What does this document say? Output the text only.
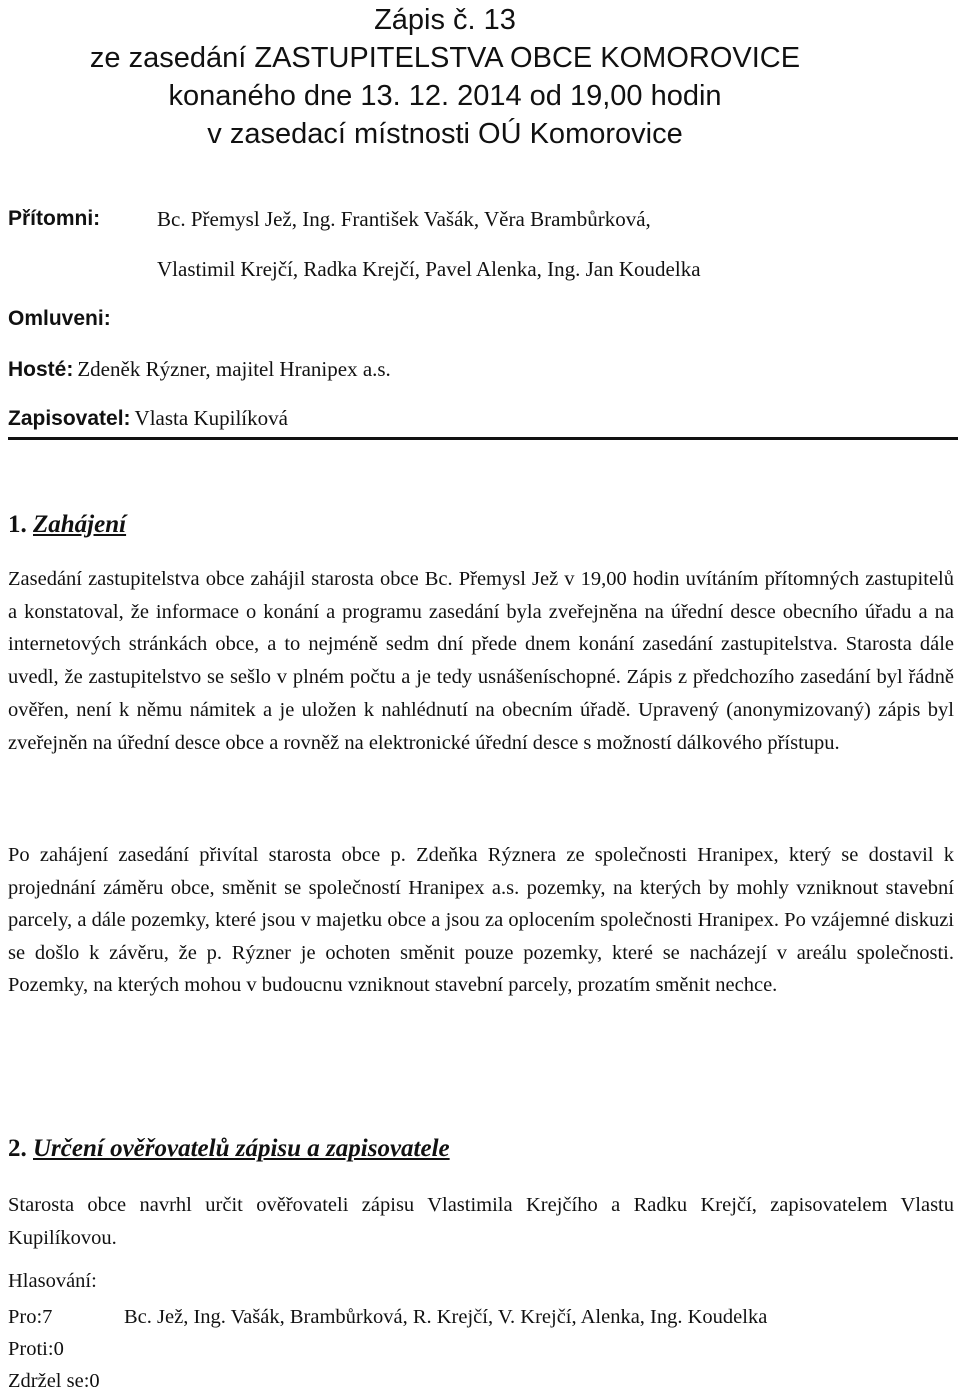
Zápis č. 13
ze zasedání ZASTUPITELSTVA OBCE KOMOROVICE
konaného dne 13. 12. 2014 od 19,00 hodin
v zasedací místnosti OÚ Komorovice
Přítomni:	Bc. Přemysl Jež, Ing. František Vašák, Věra Brambůrková,
Vlastimil Krejčí, Radka Krejčí, Pavel Alenka, Ing. Jan Koudelka
Omluveni:
Hosté: Zdeněk Rýzner, majitel Hranipex a.s.
Zapisovatel: Vlasta Kupilíková
1. Zahájení

Zasedání zastupitelstva obce zahájil starosta obce Bc. Přemysl Jež v 19,00 hodin uvítáním přítomných zastupitelů a konstatoval, že informace o konání a programu zasedání byla zveřejněna na úřední desce obecního úřadu a na internetových stránkách obce, a to nejméně sedm dní přede dnem konání zasedání zastupitelstva. Starosta dále uvedl, že zastupitelstvo se sešlo v plném počtu a je tedy usnášeníschopné. Zápis z předchozího zasedání byl řádně ověřen, není k němu námitek a je uložen k nahlédnutí na obecním úřadě. Upravený (anonymizovaný) zápis byl zveřejněn na úřední desce obce a rovněž na elektronické úřední desce s možností dálkového přístupu.

Po zahájení zasedání přivítal starosta obce p. Zdeňka Rýznera ze společnosti Hranipex, který se dostavil k projednání záměru obce, směnit se společností Hranipex a.s. pozemky, na kterých by mohly vzniknout stavební parcely, a dále pozemky, které jsou v majetku obce a jsou za oplocením společnosti Hranipex. Po vzájemné diskuzi se došlo k závěru, že p. Rýzner je ochoten směnit pouze pozemky, které se nacházejí v areálu společnosti. Pozemky, na kterých mohou v budoucnu vzniknout stavební parcely, prozatím směnit nechce.

2. Určení ověřovatelů zápisu a zapisovatele

Starosta obce navrhl určit ověřovateli zápisu Vlastimila Krejčího a Radku Krejčí, zapisovatelem Vlastu Kupilíkovou.

Hlasování:
Pro:7	Bc. Jež, Ing. Vašák, Brambůrková, R. Krejčí, V. Krejčí, Alenka, Ing. Koudelka
Proti:0
Zdržel se:0
